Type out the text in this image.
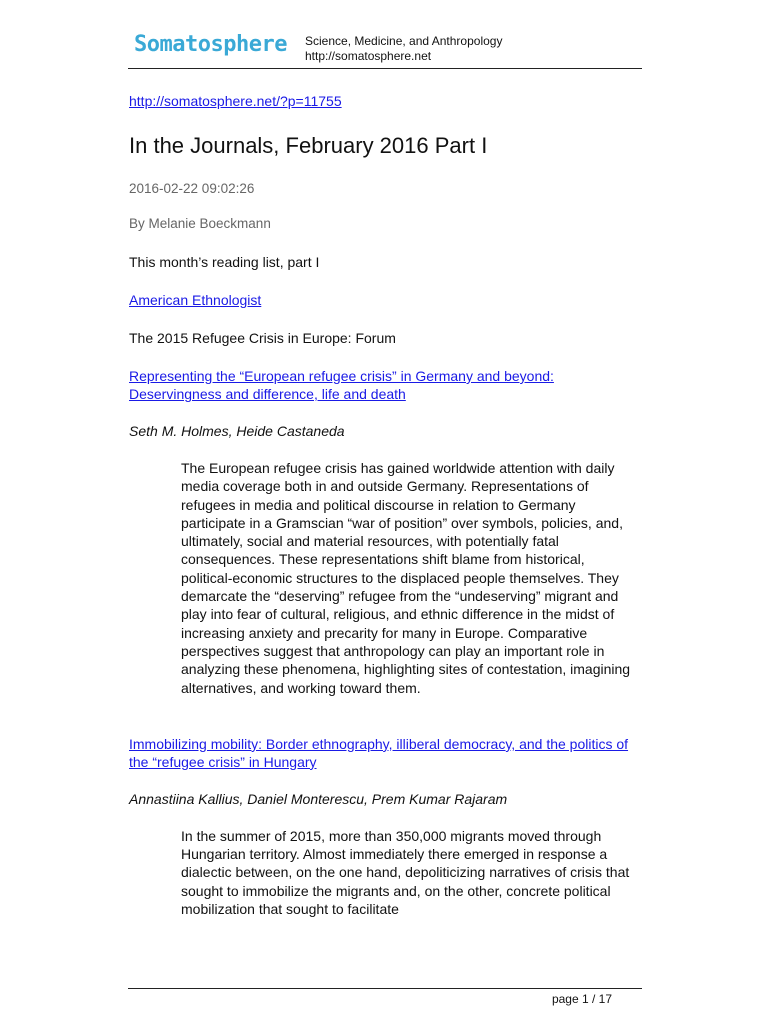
Somatosphere Science, Medicine, and Anthropology
http://somatosphere.net
http://somatosphere.net/?p=11755
In the Journals, February 2016 Part I
2016-02-22 09:02:26
By Melanie Boeckmann
This month’s reading list, part I
American Ethnologist
The 2015 Refugee Crisis in Europe: Forum
Representing the “European refugee crisis” in Germany and beyond: Deservingness and difference, life and death
Seth M. Holmes, Heide Castaneda
The European refugee crisis has gained worldwide attention with daily media coverage both in and outside Germany. Representations of refugees in media and political discourse in relation to Germany participate in a Gramscian “war of position” over symbols, policies, and, ultimately, social and material resources, with potentially fatal consequences. These representations shift blame from historical, political-economic structures to the displaced people themselves. They demarcate the “deserving” refugee from the “undeserving” migrant and play into fear of cultural, religious, and ethnic difference in the midst of increasing anxiety and precarity for many in Europe. Comparative perspectives suggest that anthropology can play an important role in analyzing these phenomena, highlighting sites of contestation, imagining alternatives, and working toward them.
Immobilizing mobility: Border ethnography, illiberal democracy, and the politics of the “refugee crisis” in Hungary
Annastiina Kallius, Daniel Monterescu, Prem Kumar Rajaram
In the summer of 2015, more than 350,000 migrants moved through Hungarian territory. Almost immediately there emerged in response a dialectic between, on the one hand, depoliticizing narratives of crisis that sought to immobilize the migrants and, on the other, concrete political mobilization that sought to facilitate
page 1 / 17
